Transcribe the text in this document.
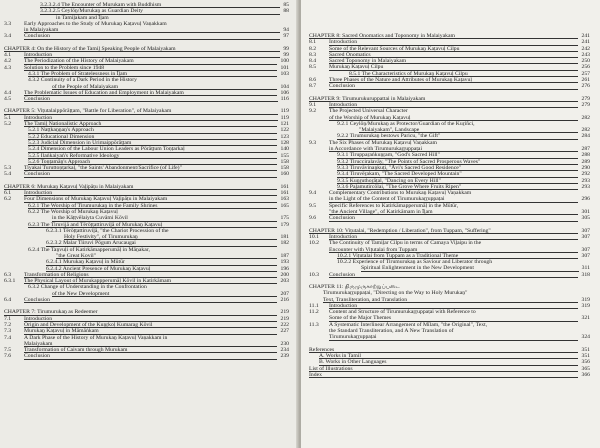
3.2.3.2.4 The Encounter of Murukam with Buddhism	85
3.2.3.2.5 Ceylōṉ/Murukaṉ as Guardian Deity	88
in Tamiḻakam and Īḻam
3.3 Early Approaches to the Study of Murukaṉ Kaṭavuḷ Vaṇakkam
in Malaiyakam	94
3.4 Conclusion	97
CHAPTER 4: On the History of the Tamiḻ Speaking People of Malaiyakam	99
4.1 Introduction	99
4.2 The Periodization of the History of Malaiyakam	100
4.3 Solution to the Problem since 1948	101
4.3.1 The Problem of Stratelessness in Īḻam	103
4.3.2 Continuity of a Dark Period in the History
of the People of Malaiyakam	104
4.4 The Problematic Issues of Education and Employment in Malaiyakam	106
4.5 Conclusion	116
CHAPTER 5: Viṭutalaippōrāṭṭam, "Battle for Liberation", of Malaiyakam	119
5.1 Introduction	119
5.2 The Tamiḻ Nationalistic Approach	121
5.2.1 Naṭṭkaṉṉaṉ's Approach	122
5.2.2 Educational Dimension	123
5.2.3 Judicial Dimension in Urimaippōrāṭṭam	128
5.2.4 Dimension of the Labour Union Leaders as Pōrāṭṭum Toṇṭarkaḷ	140
5.2.5 Ilaṅkaiyaṅ's Reformative Ideology	155
5.2.6 Toṇṭamāṉ's Approach	158
5.3 Tiyakai Turuttoṇṭarkaḷ, "the Saints' Abandonment/Sacrifice (of Life)"	158
5.4 Conclusion	160
CHAPTER 6: Murukaṉ Kaṭavuḷ Vaḻipāṭu in Malaiyakam	161
6.1 Introduction	161
6.2 Four Dimensions of Murukaṉ Kaṭavuḷ Vaḻipāṭu in Malaiyakam	163
6.2.1 The Worship of Tirumurukaṉ in the Family Shrines	165
6.2.2 The Worship of Murukaṉ Kaṭavuḷ
in the Kāṭṭvēlaiyta Cuvāmi Kōvil	175
6.2.3 The Tiruvijā and Tērōṭṭattiruviḻā of Murukaṉ Kaṭavuḷ	179
6.2.3.1 Tērōṭṭattiruviḻā, "the Chariot Procession of the
Holy Festivity", of Tirumurukaṉ	181
6.2.3.2 Malar Tiiruvi Pōgum Arucaugai	182
6.2.4 The Taṉvuḷi of Katirkāmapperumāḷ in Māṉakar,
"the Great Kovil"	187
6.2.4.1 Murukaṉ Kaṭavuḷ in Mūtūr	193
6.2.4.2 Ancient Presence of Murukaṉ Kaṭavuḷ	196
6.3 Transformation of Religions	200
6.3.1 The Physical Layout of Murukappperumāḷ Kōvil in Katirkāmam	203
6.3.2 Change of Understanding in the Confrontation
of the New Development	207
6.4 Conclusion	216
CHAPTER 7: Tirumurukaṉ as Redeemer	219
7.1 Introduction	219
7.2 Origin and Development of the Kuṉṟkoḷ Kumarag Kōvil	222
7.3 Murukaṉ Kaṭavuḷ in Māmāṅkam	227
7.4 A Dark Phase of the History of Murukaṉ Kaṭavuḷ Vaṇakkam in
Malaiyakam	230
7.5 Transformation of Caivam through Murukam	234
7.6 Conclusion	239
CHAPTER 8: Sacred Onomatics and Toponomy in Malaiyakam	241
8.1 Introduction	241
8.2 Some of the Relevant Sources of Murukaṉ Kaṭavuḷ Cilpu	242
8.3 Sacred Onomatics	243
8.4 Sacred Toponomy in Malaiyakam	250
8.5 Murukaṉ Kaṭavuḷ Cilpu	256
8.5.1 The Characteristics of Murukaṉ Kaṭavuḷ Cilpu	257
8.6 Three Phases of the Nature and Attributes of Murukaṉ Kaṭavuḷ	261
8.7 Conclusion	276
CHAPTER 9: Tirumurukuruppattai in Malaiyakam	279
9.1 Introduction	279
9.2 The Projected Universal Character
of the Worship of Murukaṉ Kaṭavuḷ	282
9.2.1 Ceylōṉ/Murukaṉ as Protector/Guardian of the Kuṟiñci,
"Malaiyakam", Landscape	282
9.2.2 Tirumurukaṉ bestows Paricu, "the Gift"	284
9.3 The Six Phases of Murukaṉ Kaṭavuḷ Vaṇakkam
in Accordance with Tirumurukaṟṟuppaṭai	287
9.3.1 Tiruppaṟaṅkuṉṟam, "God's Sacred Hill"	288
9.3.2 Tirucciralavāy, "The Points of Sacred Prosperous Waves"	289
9.3.3 Tiruvāvinaṉkuṭi, "Āvi's Sacred Good Residence"	290
9.3.4 Tiruvēṟakam, "The Sacred Developed Mountain"	292
9.3.5 Kuṉṟuthoṟāṭal, "Dancing on Every Hill"	293
9.3.6 Paḻamutircōlai, "The Grove Where Fruits Ripen"	293
9.4 Complementary Contributions to Murukaṉ Kaṭavuḷ Vaṇakkam
in the Light of the Content of Tirumurukaṟṟuppaṭai	296
9.5 Specific References to Katirkāmapperumāḷ in the Mūtūr,
"the Ancient Village", of Katirkāmam in Īḻam	301
9.6 Conclusion	305
CHAPTER 10: Viṭutalai, "Redemption / Liberation", from Tuppam, "Suffering"	307
10.1 Introduction	307
10.2 The Continuity of Tamiḻar Cilpu in terms of Camaya Viḻaipu in the
Encounter with Viṭutalai from Tuppam	307
10.2.1 Viṭutalai from Tuppam as a Traditional Theme	307
10.2.2 Experience of Tirumurukaṉ as Saviour and Liberator through
Spiritual Enlightenment in the New Development	311
10.3 Conclusion	318
CHAPTER 11: திருமுருகாற்றுப்படை
Tirumurukaṟṟuppaṭai, "Directing on the Way to Holy Murukaṉ"
Text, Transliteration, and Translation	319
11.1 Introduction	319
11.2 Content and Structure of Tirumurukaṟṟuppaṭai with Reference to
Some of the Major Themes	321
11.3 A Systematic Interlinear Arrangement of Mīlam, "the Original", Text,
the Standard Transliteration, and A New Translation of
Tirumurukaṟṟuppaṭai	324
References	351
A. Works in Tamil	351
B. Works in Other Languages	356
List of Illustrations	365
Index	366
